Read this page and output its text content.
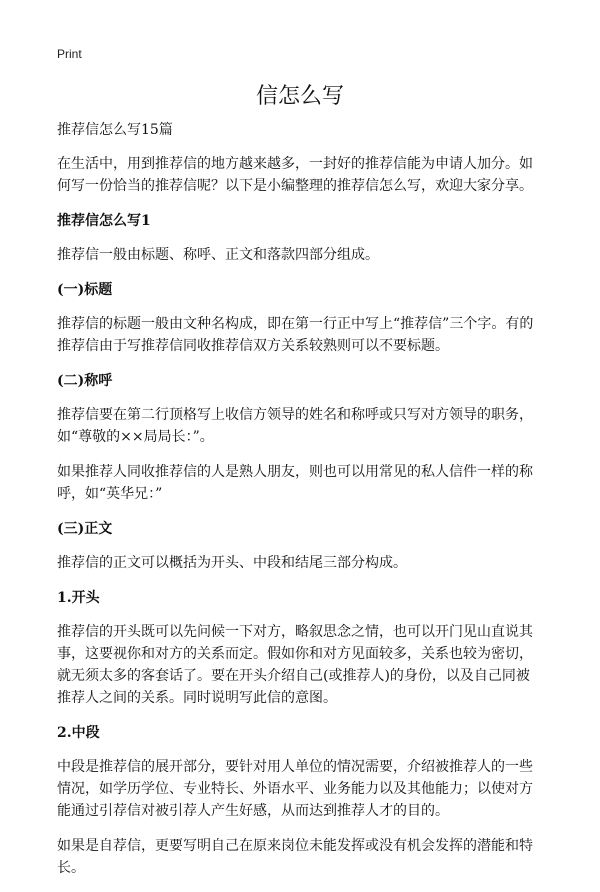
Print
信怎么写

推荐信怎么写15篇

在生活中，用到推荐信的地方越来越多，一封好的推荐信能为申请人加分。如何写一份恰当的推荐信呢？以下是小编整理的推荐信怎么写，欢迎大家分享。

推荐信怎么写1

推荐信一般由标题、称呼、正文和落款四部分组成。

(一)标题

推荐信的标题一般由文种名构成，即在第一行正中写上“推荐信”三个字。有的推荐信由于写推荐信同收推荐信双方关系较熟则可以不要标题。

(二)称呼

推荐信要在第二行顶格写上收信方领导的姓名和称呼或只写对方领导的职务，如“尊敬的××局局长：”。

如果推荐人同收推荐信的人是熟人朋友，则也可以用常见的私人信件一样的称呼，如“英华兄：”

(三)正文

推荐信的正文可以概括为开头、中段和结尾三部分构成。

1.开头

推荐信的开头既可以先问候一下对方，略叙思念之情，也可以开门见山直说其事，这要视你和对方的关系而定。假如你和对方见面较多，关系也较为密切，就无须太多的客套话了。要在开头介绍自己(或推荐人)的身份，以及自己同被推荐人之间的关系。同时说明写此信的意图。

2.中段

中段是推荐信的展开部分，要针对用人单位的情况需要，介绍被推荐人的一些情况，如学历学位、专业特长、外语水平、业务能力以及其他能力；以使对方能通过引荐信对被引荐人产生好感，从而达到推荐人才的目的。

如果是自荐信，更要写明自己在原来岗位未能发挥或没有机会发挥的潜能和特长。
